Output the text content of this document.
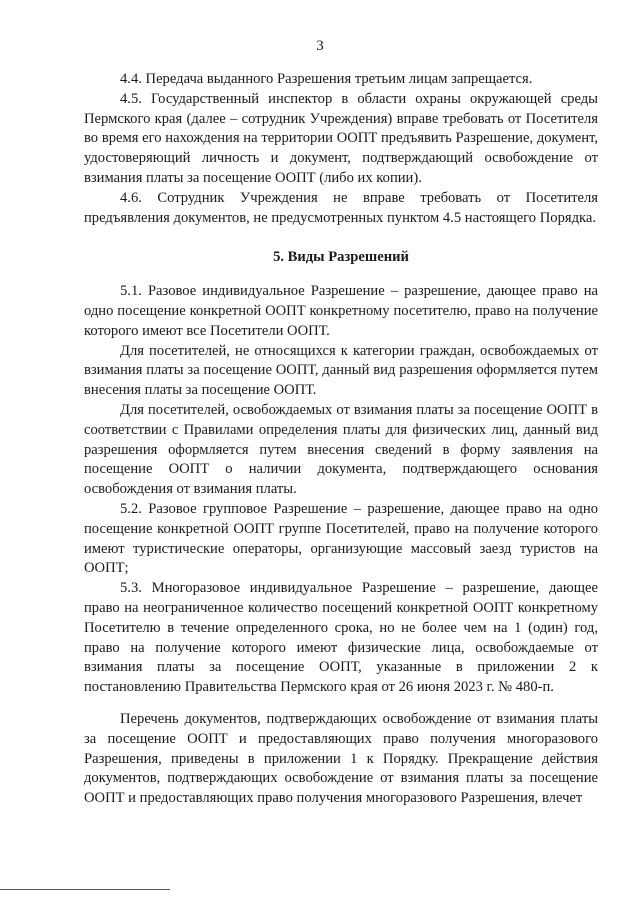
3

4.4. Передача выданного Разрешения третьим лицам запрещается.

4.5. Государственный инспектор в области охраны окружающей среды Пермского края (далее – сотрудник Учреждения) вправе требовать от Посетителя во время его нахождения на территории ООПТ предъявить Разрешение, документ, удостоверяющий личность и документ, подтверждающий освобождение от взимания платы за посещение ООПТ (либо их копии).

4.6. Сотрудник Учреждения не вправе требовать от Посетителя предъявления документов, не предусмотренных пунктом 4.5 настоящего Порядка.

5. Виды Разрешений

5.1. Разовое индивидуальное Разрешение – разрешение, дающее право на одно посещение конкретной ООПТ конкретному посетителю, право на получение которого имеют все Посетители ООПТ.

Для посетителей, не относящихся к категории граждан, освобождаемых от взимания платы за посещение ООПТ, данный вид разрешения оформляется путем внесения платы за посещение ООПТ.

Для посетителей, освобождаемых от взимания платы за посещение ООПТ в соответствии с Правилами определения платы для физических лиц, данный вид разрешения оформляется путем внесения сведений в форму заявления на посещение ООПТ о наличии документа, подтверждающего основания освобождения от взимания платы.

5.2. Разовое групповое Разрешение – разрешение, дающее право на одно посещение конкретной ООПТ группе Посетителей, право на получение которого имеют туристические операторы, организующие массовый заезд туристов на ООПТ;

5.3. Многоразовое индивидуальное Разрешение – разрешение, дающее право на неограниченное количество посещений конкретной ООПТ конкретному Посетителю в течение определенного срока, но не более чем на 1 (один) год, право на получение которого имеют физические лица, освобождаемые от взимания платы за посещение ООПТ, указанные в приложении 2 к постановлению Правительства Пермского края от 26 июня 2023 г. № 480-п.

Перечень документов, подтверждающих освобождение от взимания платы за посещение ООПТ и предоставляющих право получения многоразового Разрешения, приведены в приложении 1 к Порядку. Прекращение действия документов, подтверждающих освобождение от взимания платы за посещение ООПТ и предоставляющих право получения многоразового Разрешения, влечет
